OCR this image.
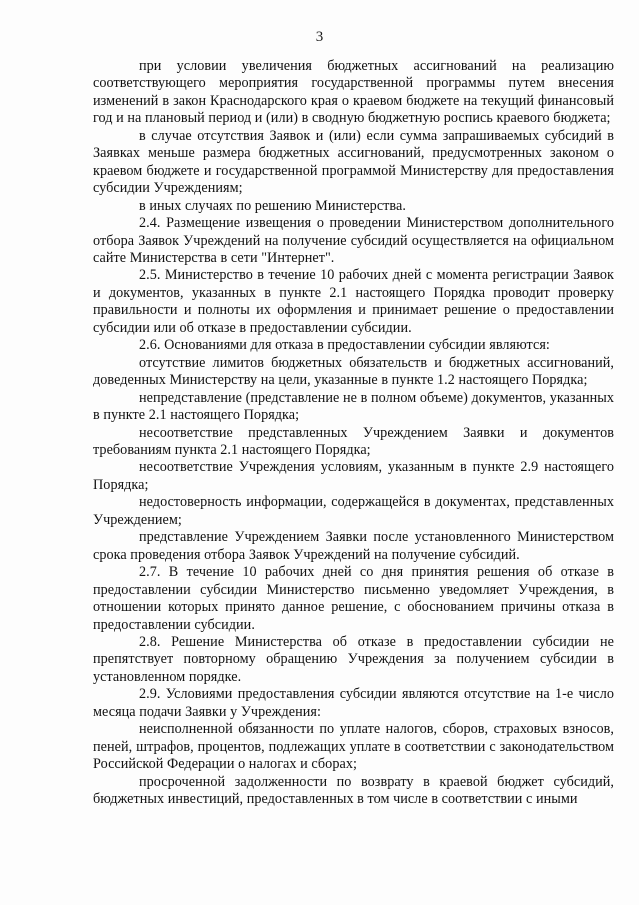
3

при условии увеличения бюджетных ассигнований на реализацию соответствующего мероприятия государственной программы путем внесения изменений в закон Краснодарского края о краевом бюджете на текущий финансовый год и на плановый период и (или) в сводную бюджетную роспись краевого бюджета;

в случае отсутствия Заявок и (или) если сумма запрашиваемых субсидий в Заявках меньше размера бюджетных ассигнований, предусмотренных законом о краевом бюджете и государственной программой Министерству для предоставления субсидии Учреждениям;

в иных случаях по решению Министерства.

2.4. Размещение извещения о проведении Министерством дополнительного отбора Заявок Учреждений на получение субсидий осуществляется на официальном сайте Министерства в сети "Интернет".

2.5. Министерство в течение 10 рабочих дней с момента регистрации Заявок и документов, указанных в пункте 2.1 настоящего Порядка проводит проверку правильности и полноты их оформления и принимает решение о предоставлении субсидии или об отказе в предоставлении субсидии.

2.6. Основаниями для отказа в предоставлении субсидии являются:

отсутствие лимитов бюджетных обязательств и бюджетных ассигнований, доведенных Министерству на цели, указанные в пункте 1.2 настоящего Порядка;

непредставление (представление не в полном объеме) документов, указанных в пункте 2.1 настоящего Порядка;

несоответствие представленных Учреждением Заявки и документов требованиям пункта 2.1 настоящего Порядка;

несоответствие Учреждения условиям, указанным в пункте 2.9 настоящего Порядка;

недостоверность информации, содержащейся в документах, представленных Учреждением;

представление Учреждением Заявки после установленного Министерством срока проведения отбора Заявок Учреждений на получение субсидий.

2.7. В течение 10 рабочих дней со дня принятия решения об отказе в предоставлении субсидии Министерство письменно уведомляет Учреждения, в отношении которых принято данное решение, с обоснованием причины отказа в предоставлении субсидии.

2.8. Решение Министерства об отказе в предоставлении субсидии не препятствует повторному обращению Учреждения за получением субсидии в установленном порядке.

2.9. Условиями предоставления субсидии являются отсутствие на 1-е число месяца подачи Заявки у Учреждения:

неисполненной обязанности по уплате налогов, сборов, страховых взносов, пеней, штрафов, процентов, подлежащих уплате в соответствии с законодательством Российской Федерации о налогах и сборах;

просроченной задолженности по возврату в краевой бюджет субсидий, бюджетных инвестиций, предоставленных в том числе в соответствии с иными
